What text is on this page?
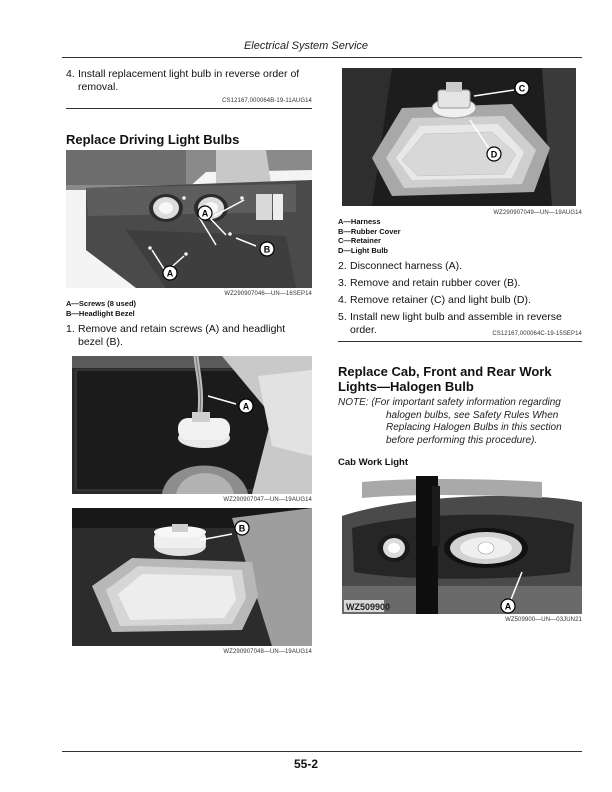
Electrical System Service
4. Install replacement light bulb in reverse order of removal.
CS12167,000064B-19-11AUG14
Replace Driving Light Bulbs
A
B
A
WZ290907046—UN—16SEP14
A—Screws (8 used)
B—Headlight Bezel
1. Remove and retain screws (A) and headlight bezel (B).
A
WZ290907047—UN—19AUG14
B
WZ290907048—UN—19AUG14
C
D
WZ290907049—UN—19AUG14
A—Harness
B—Rubber Cover
C—Retainer
D—Light Bulb
2. Disconnect harness (A).
3. Remove and retain rubber cover (B).
4. Remove retainer (C) and light bulb (D).
5. Install new light bulb and assemble in reverse order.	CS12167,000064C-19-15SEP14
Replace Cab, Front and Rear Work Lights—Halogen Bulb
NOTE: (For important safety information regarding
halogen bulbs, see Safety Rules When Replacing Halogen Bulbs in this section before performing this procedure).
Cab Work Light
WZ509900	A
WZ509900—UN—03JUN21
55-2
